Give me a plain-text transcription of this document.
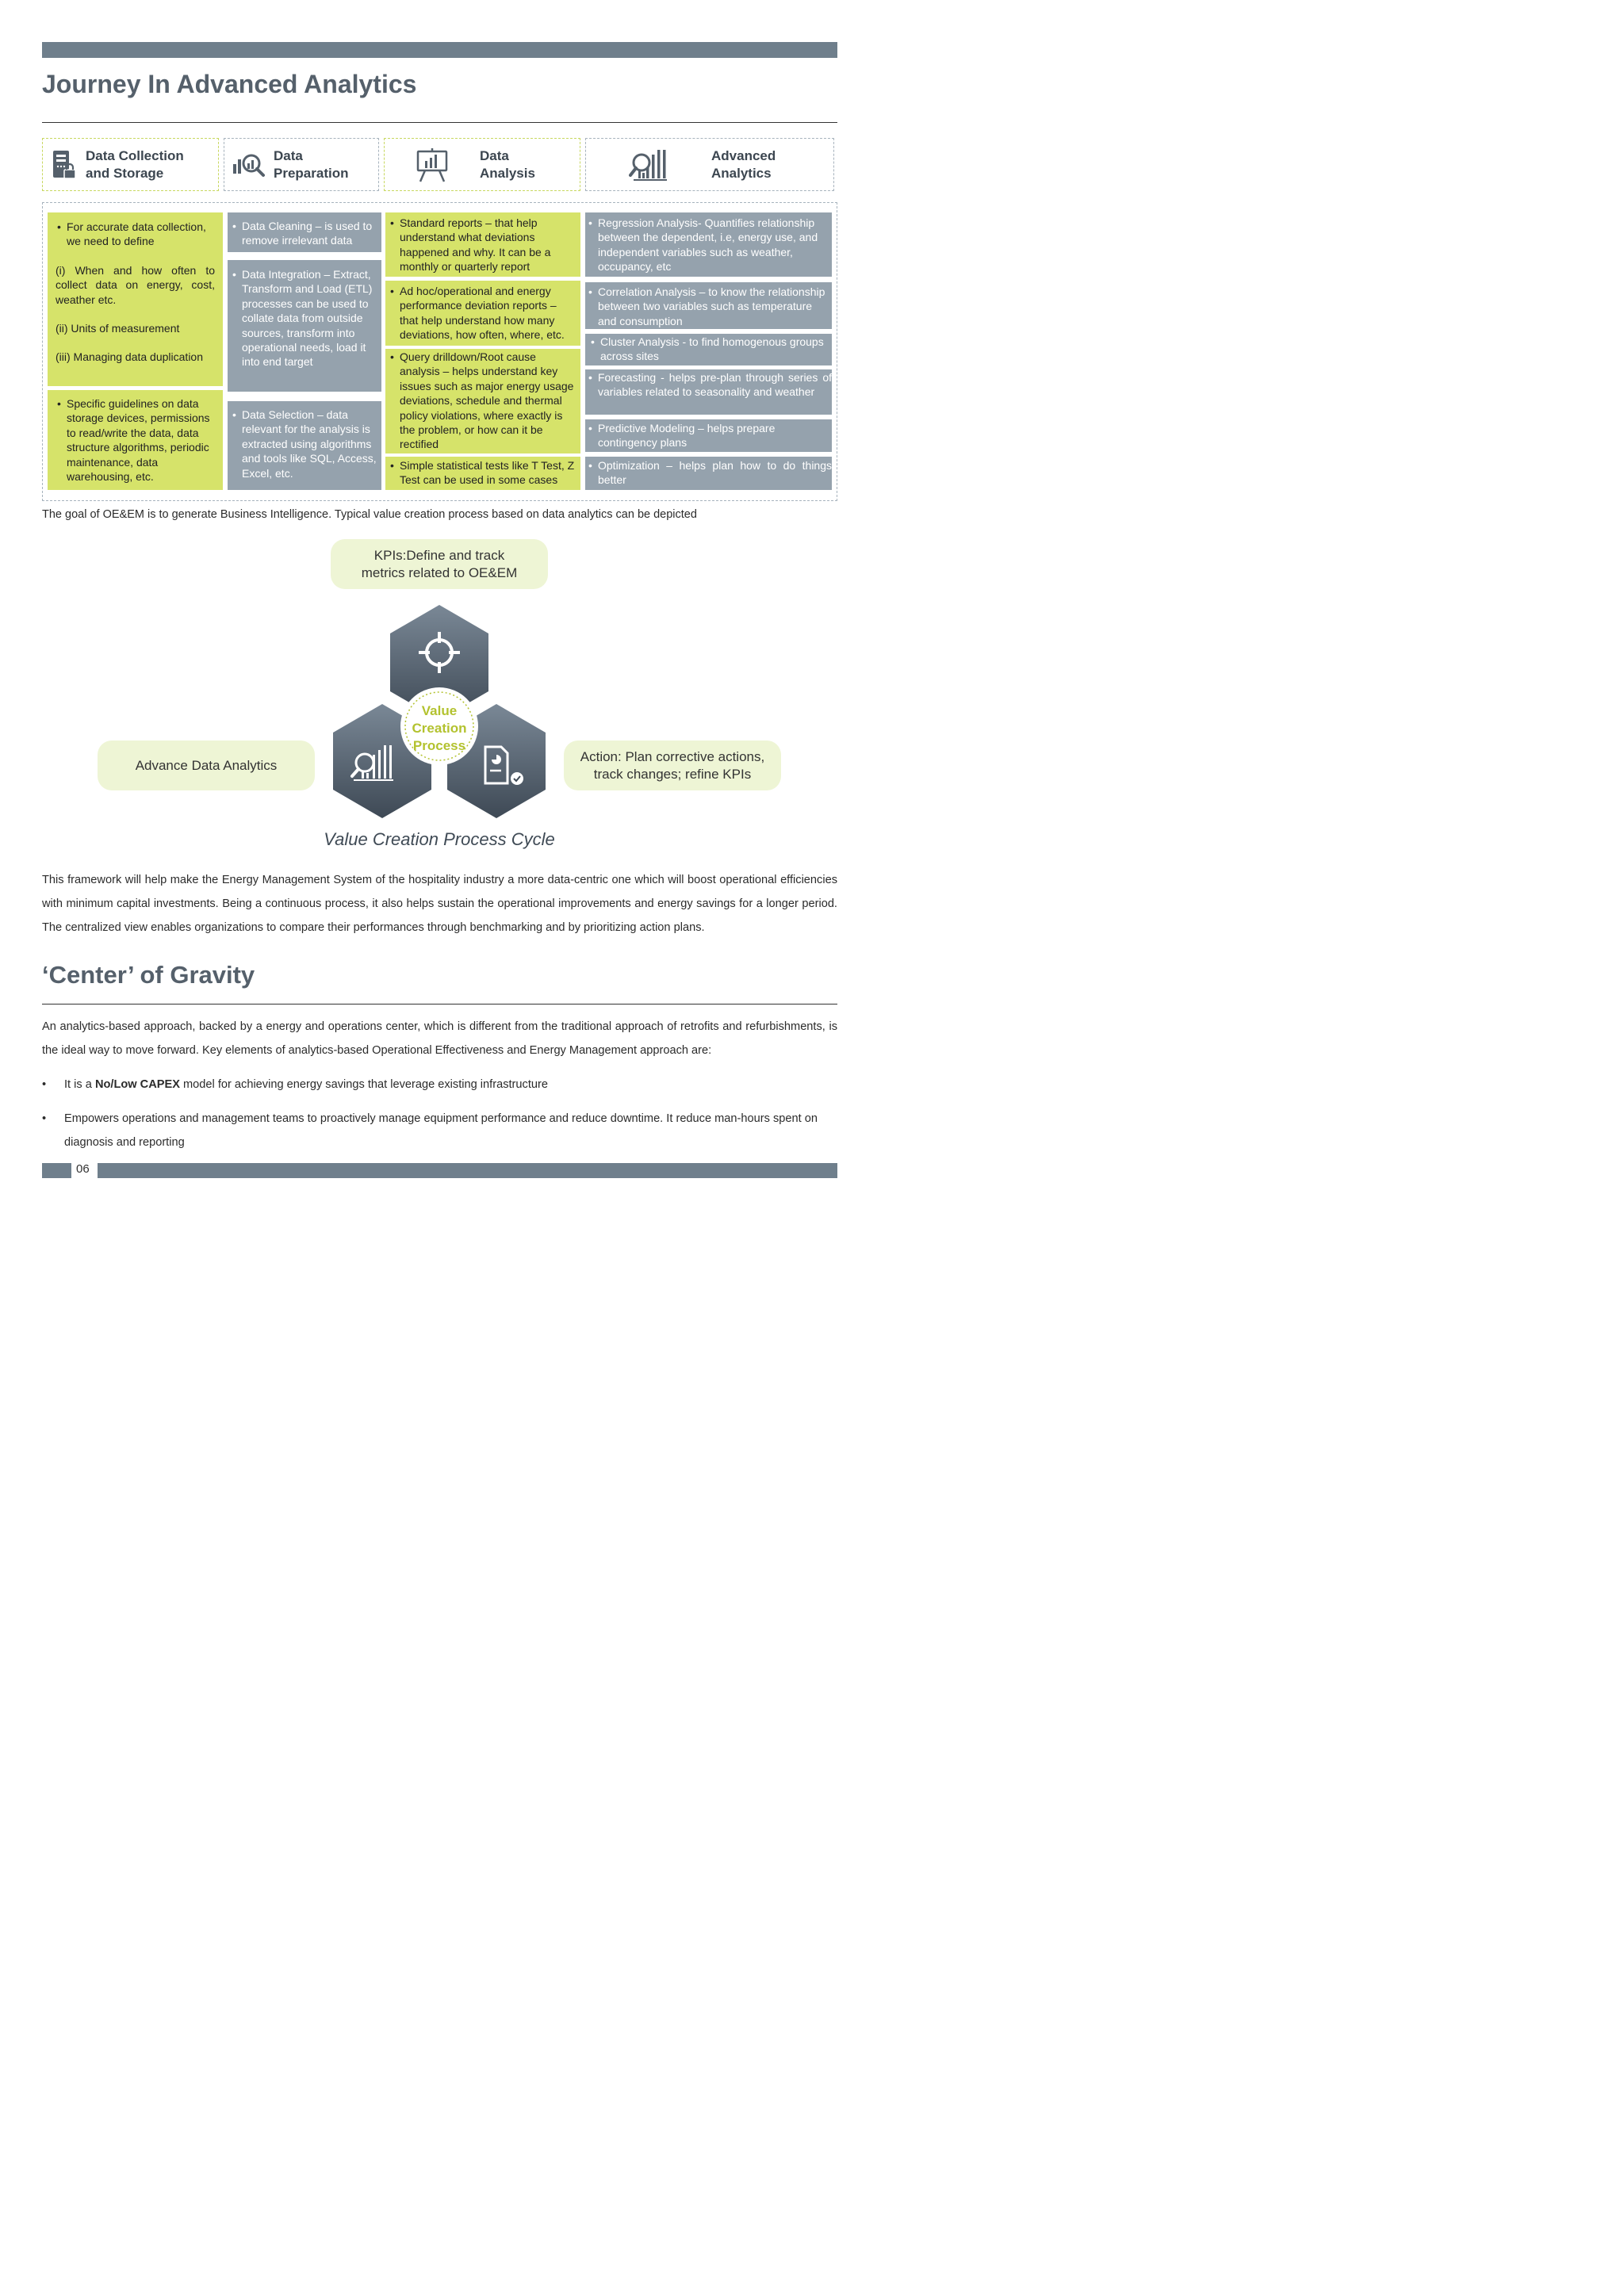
Journey In Advanced Analytics
Data Collection
and Storage
Data
Preparation
Data
Analysis
Advanced
Analytics
• For accurate data collection, we need to define
(i) When and how often to collect data on energy, cost, weather etc.
(ii) Units of measurement
(iii) Managing data duplication
• Specific guidelines on data storage devices, permissions to read/write the data, data structure algorithms, periodic maintenance, data warehousing, etc.
• Data Cleaning – is used to remove irrelevant data
• Data Integration – Extract, Transform and Load (ETL) processes can be used to collate data from outside sources, transform into operational needs, load it into end target
• Data Selection – data relevant for the analysis is extracted using algorithms and tools like SQL, Access, Excel, etc.
• Standard reports – that help understand what deviations happened and why. It can be a monthly or quarterly report
• Ad hoc/operational and energy performance deviation reports – that help understand how many deviations, how often, where, etc.
• Query drilldown/Root cause analysis – helps understand key issues such as major energy usage deviations, schedule and thermal policy violations, where exactly is the problem, or how can it be rectified
• Simple statistical tests like T Test, Z Test can be used in some cases
• Regression Analysis- Quantifies relationship between the dependent, i.e, energy use, and independent variables such as weather, occupancy, etc
• Correlation Analysis – to know the relationship between two variables such as temperature and consumption
• Cluster Analysis - to find homogenous groups across sites
• Forecasting - helps pre-plan through series of variables related to seasonality and weather
• Predictive Modeling – helps prepare contingency plans
• Optimization – helps plan how to do things better
The goal of OE&EM is to generate Business Intelligence. Typical value creation process based on data analytics can be depicted
KPIs:Define and track
metrics related to OE&EM
Advance Data Analytics
Action: Plan corrective actions,
track changes; refine KPIs
Value
Creation
Process
Value Creation Process Cycle
This framework will help make the Energy Management System of the hospitality industry a more data-centric one which will boost operational efficiencies with minimum capital investments. Being a continuous process, it also helps sustain the operational improvements and energy savings for a longer period. The centralized view enables organizations to compare their performances through benchmarking and by prioritizing action plans.
‘Center’ of Gravity
An analytics-based approach, backed by a energy and operations center, which is different from the traditional approach of retrofits and refurbishments, is the ideal way to move forward. Key elements of analytics-based Operational Effectiveness and Energy Management approach are:
• It is a No/Low CAPEX model for achieving energy savings that leverage existing infrastructure
• Empowers operations and management teams to proactively manage equipment performance and reduce downtime. It reduce man-hours spent on diagnosis and reporting
06
